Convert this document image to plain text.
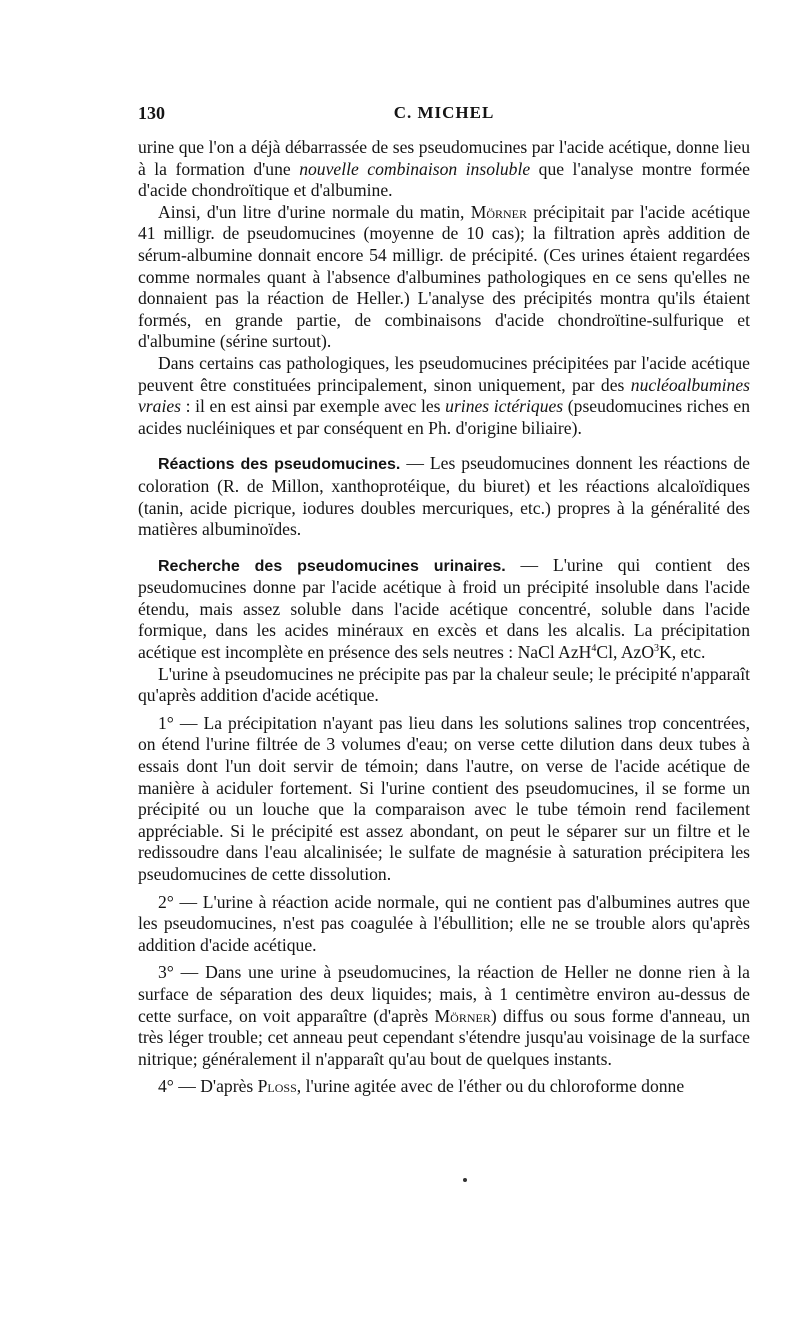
130	C. MICHEL

urine que l'on a déjà débarrassée de ses pseudomucines par l'acide acétique, donne lieu à la formation d'une nouvelle combinaison insoluble que l'analyse montre formée d'acide chondroïtique et d'albumine.

Ainsi, d'un litre d'urine normale du matin, Mörner précipitait par l'acide acétique 41 milligr. de pseudomucines (moyenne de 10 cas); la filtration après addition de sérum-albumine donnait encore 54 milligr. de précipité. (Ces urines étaient regardées comme normales quant à l'absence d'albumines pathologiques en ce sens qu'elles ne donnaient pas la réaction de Heller.) L'analyse des précipités montra qu'ils étaient formés, en grande partie, de combinaisons d'acide chondroïtine-sulfurique et d'albumine (sérine surtout).

Dans certains cas pathologiques, les pseudomucines précipitées par l'acide acétique peuvent être constituées principalement, sinon uniquement, par des nucléoalbumines vraies : il en est ainsi par exemple avec les urines ictériques (pseudomucines riches en acides nucléiniques et par conséquent en Ph. d'origine biliaire).

Réactions des pseudomucines. — Les pseudomucines donnent les réactions de coloration (R. de Millon, xanthoprotéique, du biuret) et les réactions alcaloïdiques (tanin, acide picrique, iodures doubles mercuriques, etc.) propres à la généralité des matières albuminoïdes.

Recherche des pseudomucines urinaires. — L'urine qui contient des pseudomucines donne par l'acide acétique à froid un précipité insoluble dans l'acide étendu, mais assez soluble dans l'acide acétique concentré, soluble dans l'acide formique, dans les acides minéraux en excès et dans les alcalis. La précipitation acétique est incomplète en présence des sels neutres : NaCl AzH$^4$Cl, AzO$^3$K, etc.

L'urine à pseudomucines ne précipite pas par la chaleur seule; le précipité n'apparaît qu'après addition d'acide acétique.

1° — La précipitation n'ayant pas lieu dans les solutions salines trop concentrées, on étend l'urine filtrée de 3 volumes d'eau; on verse cette dilution dans deux tubes à essais dont l'un doit servir de témoin; dans l'autre, on verse de l'acide acétique de manière à aciduler fortement. Si l'urine contient des pseudomucines, il se forme un précipité ou un louche que la comparaison avec le tube témoin rend facilement appréciable. Si le précipité est assez abondant, on peut le séparer sur un filtre et le redissoudre dans l'eau alcalinisée; le sulfate de magnésie à saturation précipitera les pseudomucines de cette dissolution.

2° — L'urine à réaction acide normale, qui ne contient pas d'albumines autres que les pseudomucines, n'est pas coagulée à l'ébullition; elle ne se trouble alors qu'après addition d'acide acétique.

3° — Dans une urine à pseudomucines, la réaction de Heller ne donne rien à la surface de séparation des deux liquides; mais, à 1 centimètre environ au-dessus de cette surface, on voit apparaître (d'après Mörner) diffus ou sous forme d'anneau, un très léger trouble; cet anneau peut cependant s'étendre jusqu'au voisinage de la surface nitrique; généralement il n'apparaît qu'au bout de quelques instants.

4° — D'après Ploss, l'urine agitée avec de l'éther ou du chloroforme donne
